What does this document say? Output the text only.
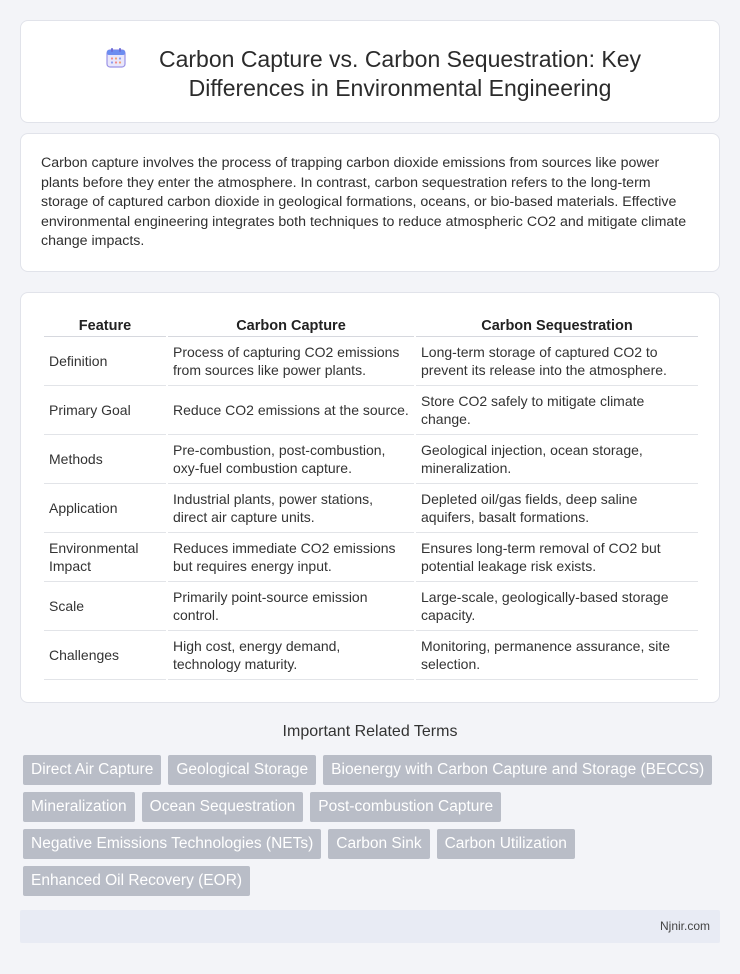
Carbon Capture vs. Carbon Sequestration: Key Differences in Environmental Engineering

Carbon capture involves the process of trapping carbon dioxide emissions from sources like power plants before they enter the atmosphere. In contrast, carbon sequestration refers to the long-term storage of captured carbon dioxide in geological formations, oceans, or bio-based materials. Effective environmental engineering integrates both techniques to reduce atmospheric CO2 and mitigate climate change impacts.

Feature	Carbon Capture	Carbon Sequestration
Definition	Process of capturing CO2 emissions from sources like power plants.	Long-term storage of captured CO2 to prevent its release into the atmosphere.
Primary Goal	Reduce CO2 emissions at the source.	Store CO2 safely to mitigate climate change.
Methods	Pre-combustion, post-combustion, oxy-fuel combustion capture.	Geological injection, ocean storage, mineralization.
Application	Industrial plants, power stations, direct air capture units.	Depleted oil/gas fields, deep saline aquifers, basalt formations.
Environmental Impact	Reduces immediate CO2 emissions but requires energy input.	Ensures long-term removal of CO2 but potential leakage risk exists.
Scale	Primarily point-source emission control.	Large-scale, geologically-based storage capacity.
Challenges	High cost, energy demand, technology maturity.	Monitoring, permanence assurance, site selection.
Important Related Terms
Direct Air Capture	Geological Storage	Bioenergy with Carbon Capture and Storage (BECCS)
Mineralization	Ocean Sequestration	Post-combustion Capture
Negative Emissions Technologies (NETs)	Carbon Sink	Carbon Utilization
Enhanced Oil Recovery (EOR)
Njnir.com
